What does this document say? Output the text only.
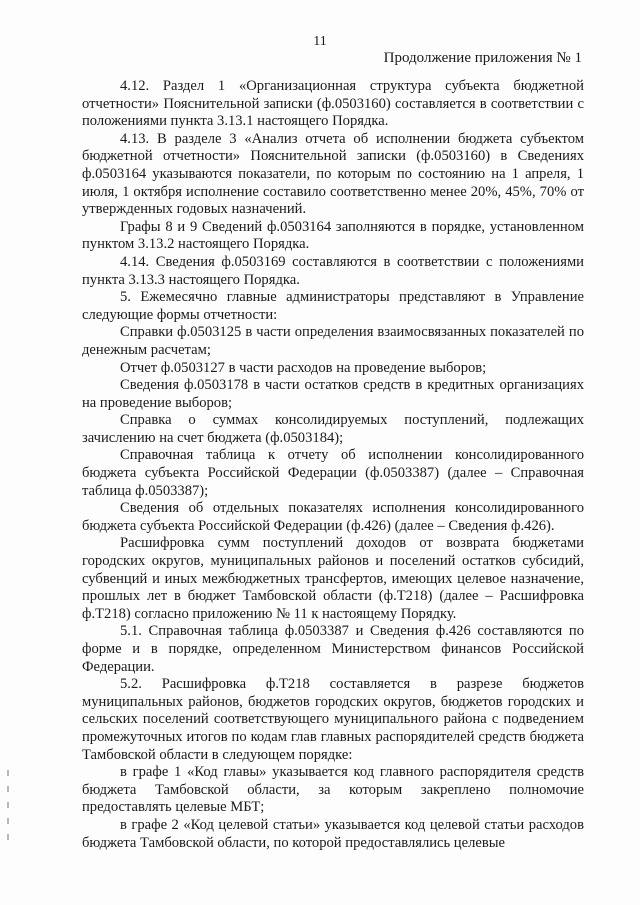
11
Продолжение приложения № 1

4.12. Раздел 1 «Организационная структура субъекта бюджетной отчетности» Пояснительной записки (ф.0503160) составляется в соответствии с положениями пункта 3.13.1 настоящего Порядка.

4.13. В разделе 3 «Анализ отчета об исполнении бюджета субъектом бюджетной отчетности» Пояснительной записки (ф.0503160) в Сведениях ф.0503164 указываются показатели, по которым по состоянию на 1 апреля, 1 июля, 1 октября исполнение составило соответственно менее 20%, 45%, 70% от утвержденных годовых назначений.

Графы 8 и 9 Сведений ф.0503164 заполняются в порядке, установленном пунктом 3.13.2 настоящего Порядка.

4.14. Сведения ф.0503169 составляются в соответствии с положениями пункта 3.13.3 настоящего Порядка.

5. Ежемесячно главные администраторы представляют в Управление следующие формы отчетности:

Справки ф.0503125 в части определения взаимосвязанных показателей по денежным расчетам;

Отчет ф.0503127 в части расходов на проведение выборов;

Сведения ф.0503178 в части остатков средств в кредитных организациях на проведение выборов;

Справка о суммах консолидируемых поступлений, подлежащих зачислению на счет бюджета (ф.0503184);

Справочная таблица к отчету об исполнении консолидированного бюджета субъекта Российской Федерации (ф.0503387) (далее – Справочная таблица ф.0503387);

Сведения об отдельных показателях исполнения консолидированного бюджета субъекта Российской Федерации (ф.426) (далее – Сведения ф.426).

Расшифровка сумм поступлений доходов от возврата бюджетами городских округов, муниципальных районов и поселений остатков субсидий, субвенций и иных межбюджетных трансфертов, имеющих целевое назначение, прошлых лет в бюджет Тамбовской области (ф.Т218) (далее – Расшифровка ф.Т218) согласно приложению № 11 к настоящему Порядку.

5.1. Справочная таблица ф.0503387 и Сведения ф.426 составляются по форме и в порядке, определенном Министерством финансов Российской Федерации.

5.2. Расшифровка ф.Т218 составляется в разрезе бюджетов муниципальных районов, бюджетов городских округов, бюджетов городских и сельских поселений соответствующего муниципального района с подведением промежуточных итогов по кодам глав главных распорядителей средств бюджета Тамбовской области в следующем порядке:

в графе 1 «Код главы» указывается код главного распорядителя средств бюджета Тамбовской области, за которым закреплено полномочие предоставлять целевые МБТ;

в графе 2 «Код целевой статьи» указывается код целевой статьи расходов бюджета Тамбовской области, по которой предоставлялись целевые
